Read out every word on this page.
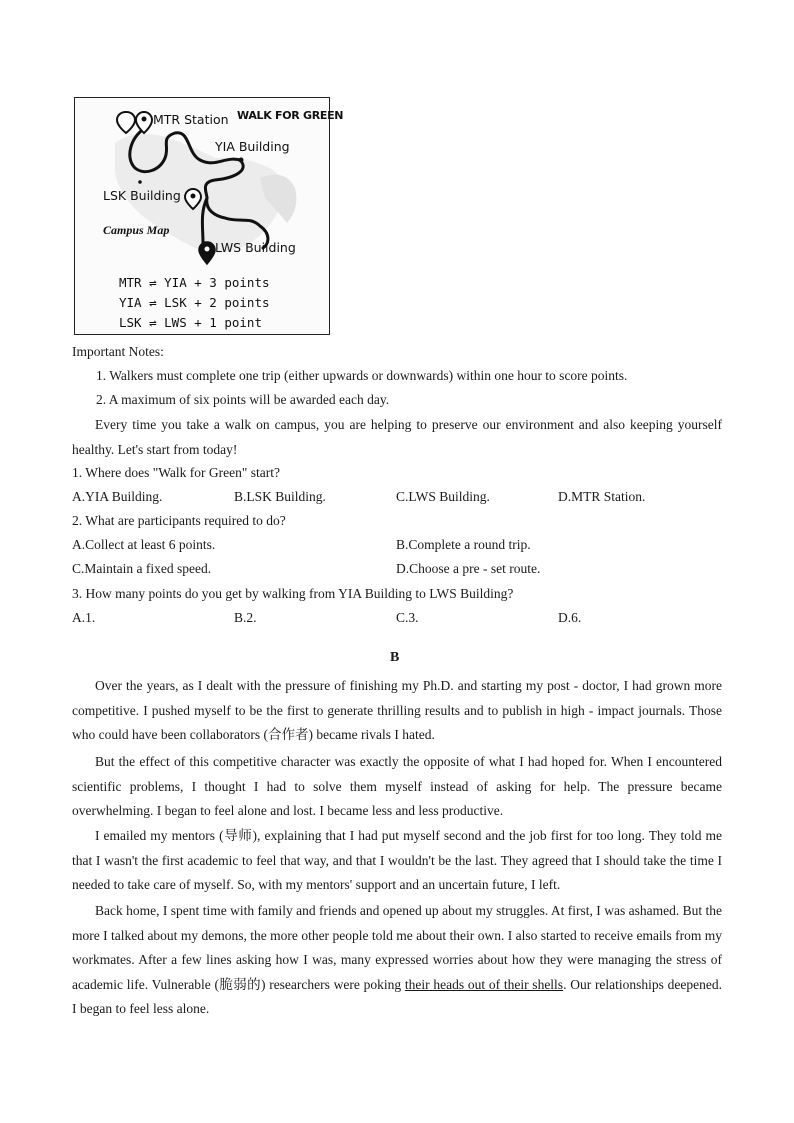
WALK FOR GREEN
MTR Station
YIA Building
LSK Building
Campus Map
LWS Building
MTR ⇌ YIA + 3 points
YIA ⇌ LSK + 2 points
LSK ⇌ LWS + 1 point
Important Notes:
1. Walkers must complete one trip (either upwards or downwards) within one hour to score points.
2. A maximum of six points will be awarded each day.
Every time you take a walk on campus, you are helping to preserve our environment and also keeping yourself healthy. Let's start from today!
1. Where does "Walk for Green" start?
A.YIA Building.	B.LSK Building.	C.LWS Building.	D.MTR Station.
2. What are participants required to do?
A.Collect at least 6 points.	B.Complete a round trip.
C.Maintain a fixed speed.	D.Choose a pre - set route.
3. How many points do you get by walking from YIA Building to LWS Building?
A.1.	B.2.	C.3.	D.6.
B
Over the years, as I dealt with the pressure of finishing my Ph.D. and starting my post - doctor, I had grown more competitive. I pushed myself to be the first to generate thrilling results and to publish in high - impact journals. Those who could have been collaborators (合作者) became rivals I hated.
But the effect of this competitive character was exactly the opposite of what I had hoped for. When I encountered scientific problems, I thought I had to solve them myself instead of asking for help. The pressure became overwhelming. I began to feel alone and lost. I became less and less productive.
I emailed my mentors (导师), explaining that I had put myself second and the job first for too long. They told me that I wasn't the first academic to feel that way, and that I wouldn't be the last. They agreed that I should take the time I needed to take care of myself. So, with my mentors' support and an uncertain future, I left.
Back home, I spent time with family and friends and opened up about my struggles. At first, I was ashamed. But the more I talked about my demons, the more other people told me about their own. I also started to receive emails from my workmates. After a few lines asking how I was, many expressed worries about how they were managing the stress of academic life. Vulnerable (脆弱的) researchers were poking their heads out of their shells. Our relationships deepened. I began to feel less alone.
